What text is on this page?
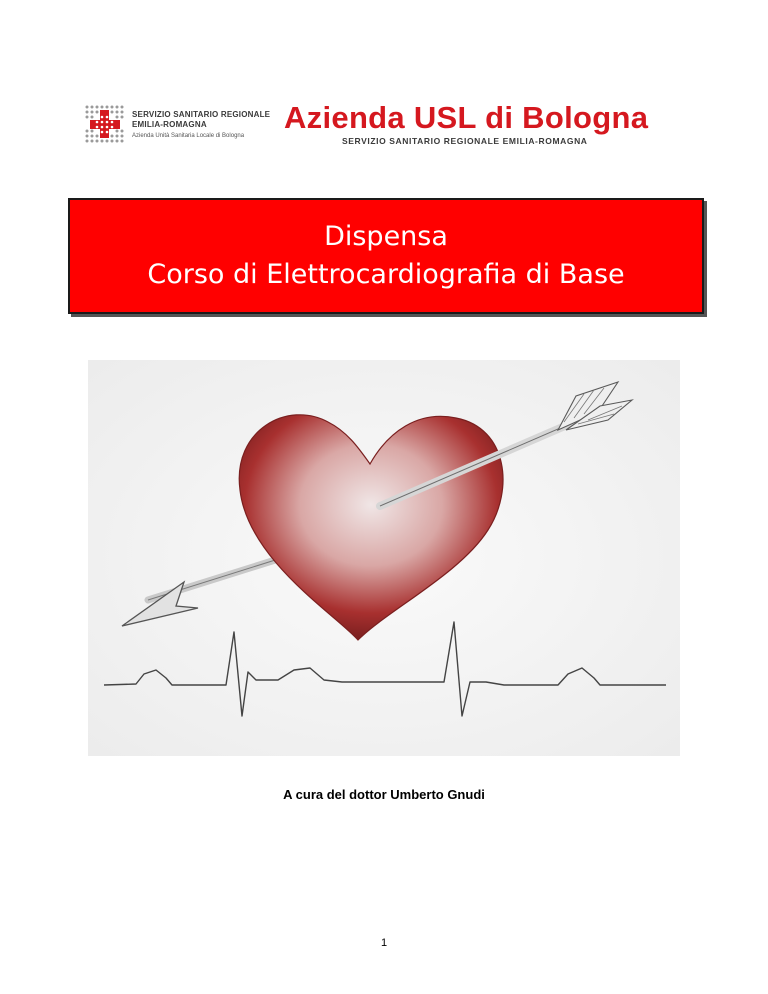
SERVIZIO SANITARIO REGIONALE
EMILIA-ROMAGNA
Azienda Unità Sanitaria Locale di Bologna
Azienda USL di Bologna
SERVIZIO SANITARIO REGIONALE EMILIA-ROMAGNA
Dispensa
Corso di Elettrocardiografia di Base
A cura del dottor Umberto Gnudi
1
